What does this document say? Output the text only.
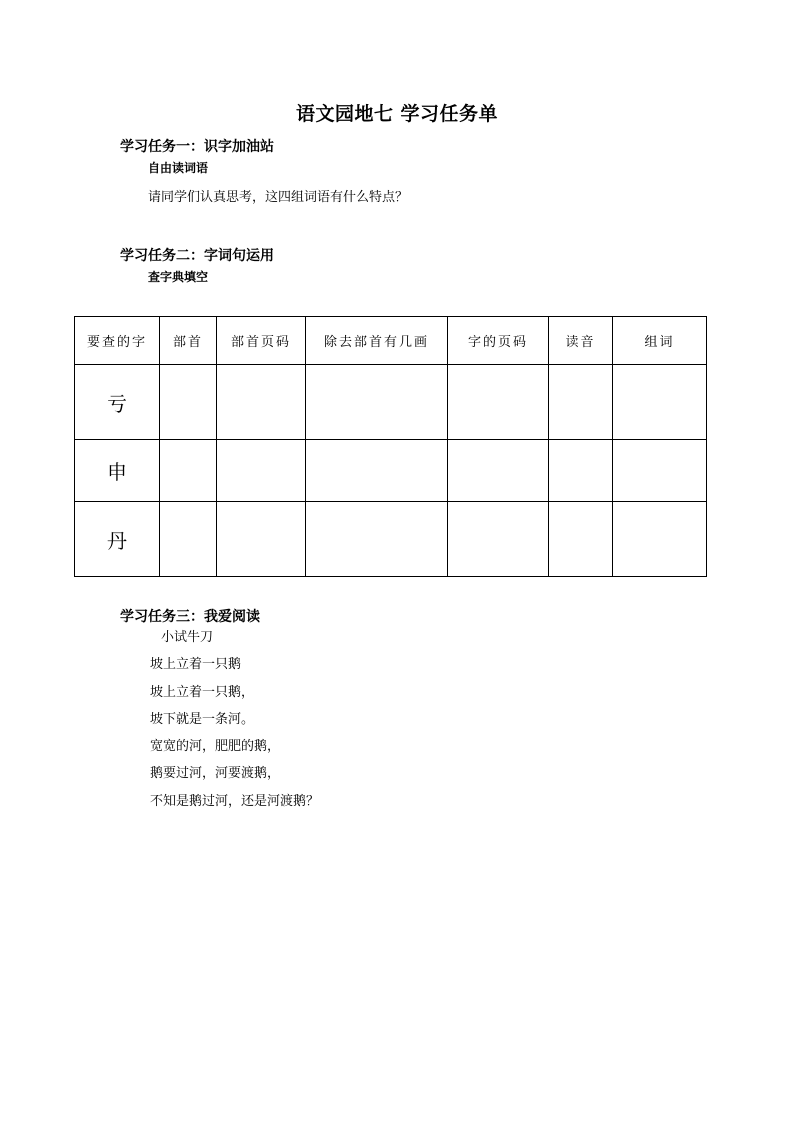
语文园地七 学习任务单
学习任务一：识字加油站
自由读词语
请同学们认真思考，这四组词语有什么特点？
学习任务二：字词句运用
查字典填空
要查的字	部首	部首页码	除去部首有几画	字的页码	读音	组词
亏						
申						
丹						
学习任务三：我爱阅读
小试牛刀
坡上立着一只鹅
坡上立着一只鹅，
坡下就是一条河。
宽宽的河，肥肥的鹅，
鹅要过河，河要渡鹅，
不知是鹅过河，还是河渡鹅？
